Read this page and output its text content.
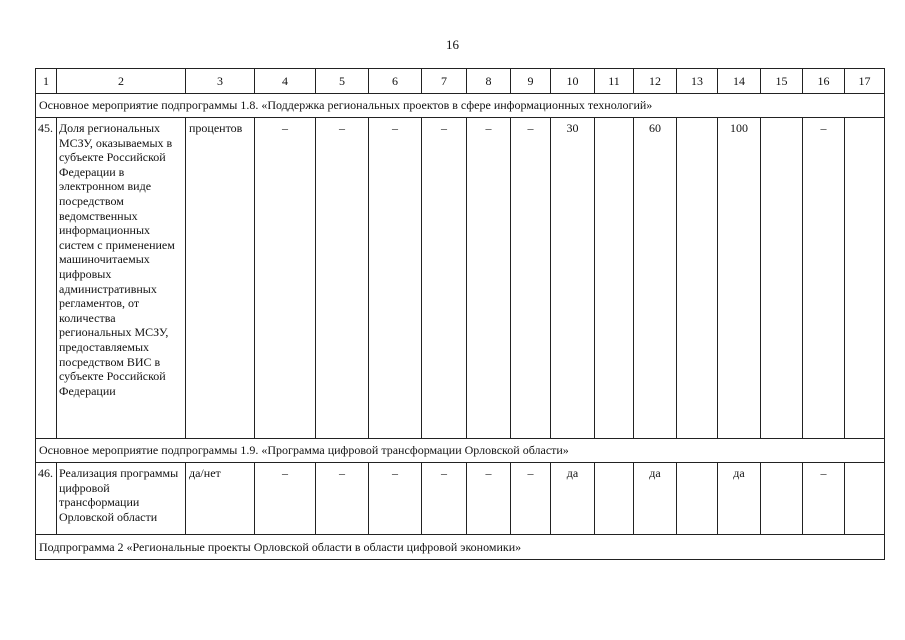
16
1	2	3	4	5	6	7	8	9	10	11	12	13	14	15	16	17
Основное мероприятие подпрограммы 1.8. «Поддержка региональных проектов в сфере информационных технологий»																
45.	Доля региональных МСЗУ, оказываемых в субъекте Российской Федерации в электронном виде посредством ведомственных информационных систем с применением машиночитаемых цифровых административных регламентов, от количества региональных МСЗУ, предоставляемых посредством ВИС в субъекте Российской Федерации	процентов	–	–	–	–	–	–	30		60		100		–	
Основное мероприятие подпрограммы 1.9. «Программа цифровой трансформации Орловской области»																
46.	Реализация программы цифровой трансформации Орловской области	да/нет	–	–	–	–	–	–	да		да		да		–	
Подпрограмма 2 «Региональные проекты Орловской области в области цифровой экономики»																
